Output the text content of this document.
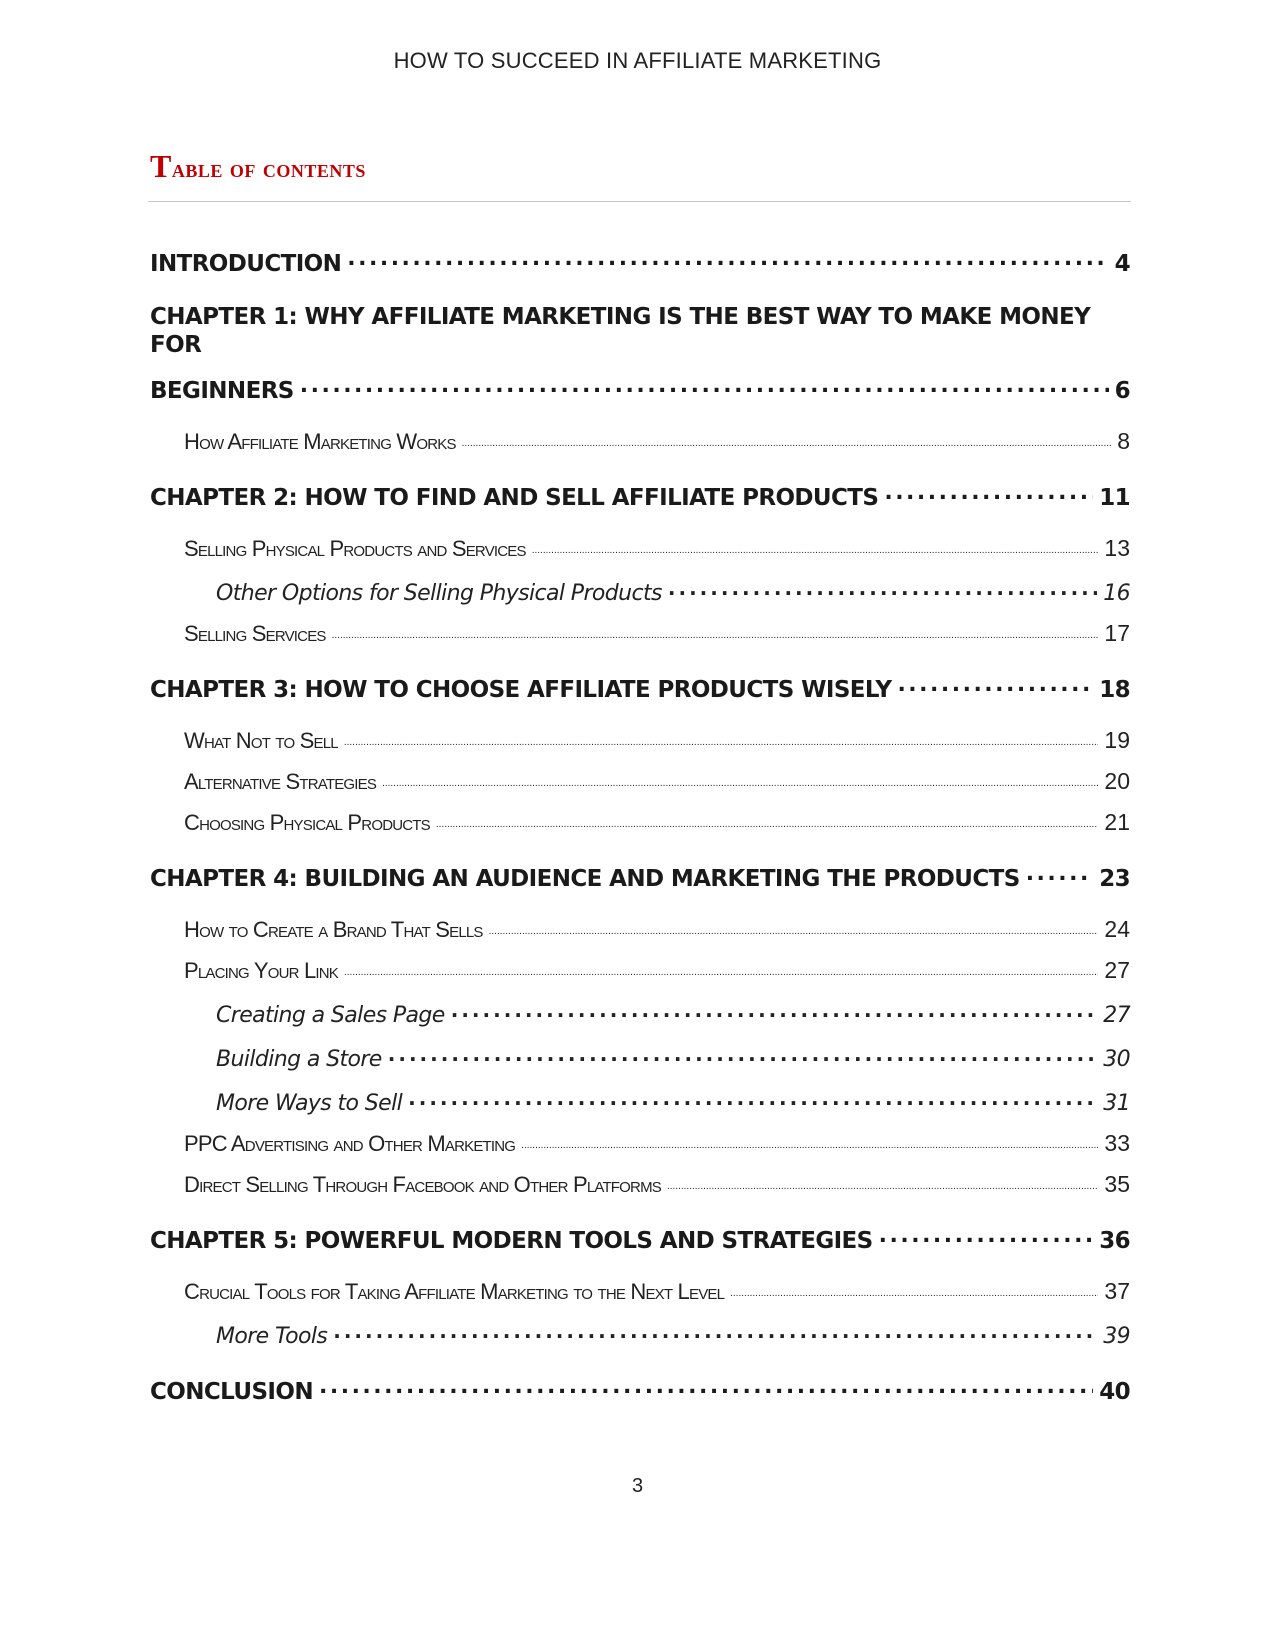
HOW TO SUCCEED IN AFFILIATE MARKETING
Table of contents
INTRODUCTION .....	4
CHAPTER 1: WHY AFFILIATE MARKETING IS THE BEST WAY TO MAKE MONEY FOR
BEGINNERS .....	6
How Affiliate Marketing Works .....	8
CHAPTER 2: HOW TO FIND AND SELL AFFILIATE PRODUCTS .....	11
Selling Physical Products and Services .....	13
Other Options for Selling Physical Products .....	16
Selling Services .....	17
CHAPTER 3: HOW TO CHOOSE AFFILIATE PRODUCTS WISELY .....	18
What Not to Sell .....	19
Alternative Strategies .....	20
Choosing Physical Products .....	21
CHAPTER 4: BUILDING AN AUDIENCE AND MARKETING THE PRODUCTS .....	23
How to Create a Brand That Sells .....	24
Placing Your Link .....	27
Creating a Sales Page .....	27
Building a Store .....	30
More Ways to Sell .....	31
PPC Advertising and Other Marketing .....	33
Direct Selling Through Facebook and Other Platforms .....	35
CHAPTER 5: POWERFUL MODERN TOOLS AND STRATEGIES .....	36
Crucial Tools for Taking Affiliate Marketing to the Next Level .....	37
More Tools .....	39
CONCLUSION .....	40
3
